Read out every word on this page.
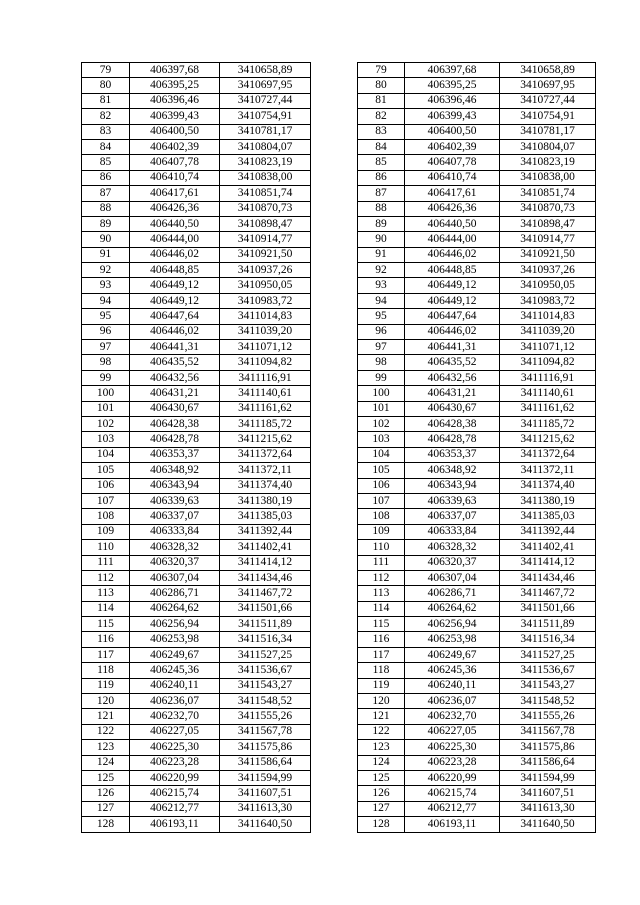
79	406397,68	3410658,89		79	406397,68	3410658,89
80	406395,25	3410697,95		80	406395,25	3410697,95
81	406396,46	3410727,44		81	406396,46	3410727,44
82	406399,43	3410754,91		82	406399,43	3410754,91
83	406400,50	3410781,17		83	406400,50	3410781,17
84	406402,39	3410804,07		84	406402,39	3410804,07
85	406407,78	3410823,19		85	406407,78	3410823,19
86	406410,74	3410838,00		86	406410,74	3410838,00
87	406417,61	3410851,74		87	406417,61	3410851,74
88	406426,36	3410870,73		88	406426,36	3410870,73
89	406440,50	3410898,47		89	406440,50	3410898,47
90	406444,00	3410914,77		90	406444,00	3410914,77
91	406446,02	3410921,50		91	406446,02	3410921,50
92	406448,85	3410937,26		92	406448,85	3410937,26
93	406449,12	3410950,05		93	406449,12	3410950,05
94	406449,12	3410983,72		94	406449,12	3410983,72
95	406447,64	3411014,83		95	406447,64	3411014,83
96	406446,02	3411039,20		96	406446,02	3411039,20
97	406441,31	3411071,12		97	406441,31	3411071,12
98	406435,52	3411094,82		98	406435,52	3411094,82
99	406432,56	3411116,91		99	406432,56	3411116,91
100	406431,21	3411140,61		100	406431,21	3411140,61
101	406430,67	3411161,62		101	406430,67	3411161,62
102	406428,38	3411185,72		102	406428,38	3411185,72
103	406428,78	3411215,62		103	406428,78	3411215,62
104	406353,37	3411372,64		104	406353,37	3411372,64
105	406348,92	3411372,11		105	406348,92	3411372,11
106	406343,94	3411374,40		106	406343,94	3411374,40
107	406339,63	3411380,19		107	406339,63	3411380,19
108	406337,07	3411385,03		108	406337,07	3411385,03
109	406333,84	3411392,44		109	406333,84	3411392,44
110	406328,32	3411402,41		110	406328,32	3411402,41
111	406320,37	3411414,12		111	406320,37	3411414,12
112	406307,04	3411434,46		112	406307,04	3411434,46
113	406286,71	3411467,72		113	406286,71	3411467,72
114	406264,62	3411501,66		114	406264,62	3411501,66
115	406256,94	3411511,89		115	406256,94	3411511,89
116	406253,98	3411516,34		116	406253,98	3411516,34
117	406249,67	3411527,25		117	406249,67	3411527,25
118	406245,36	3411536,67		118	406245,36	3411536,67
119	406240,11	3411543,27		119	406240,11	3411543,27
120	406236,07	3411548,52		120	406236,07	3411548,52
121	406232,70	3411555,26		121	406232,70	3411555,26
122	406227,05	3411567,78		122	406227,05	3411567,78
123	406225,30	3411575,86		123	406225,30	3411575,86
124	406223,28	3411586,64		124	406223,28	3411586,64
125	406220,99	3411594,99		125	406220,99	3411594,99
126	406215,74	3411607,51		126	406215,74	3411607,51
127	406212,77	3411613,30		127	406212,77	3411613,30
128	406193,11	3411640,50		128	406193,11	3411640,50
